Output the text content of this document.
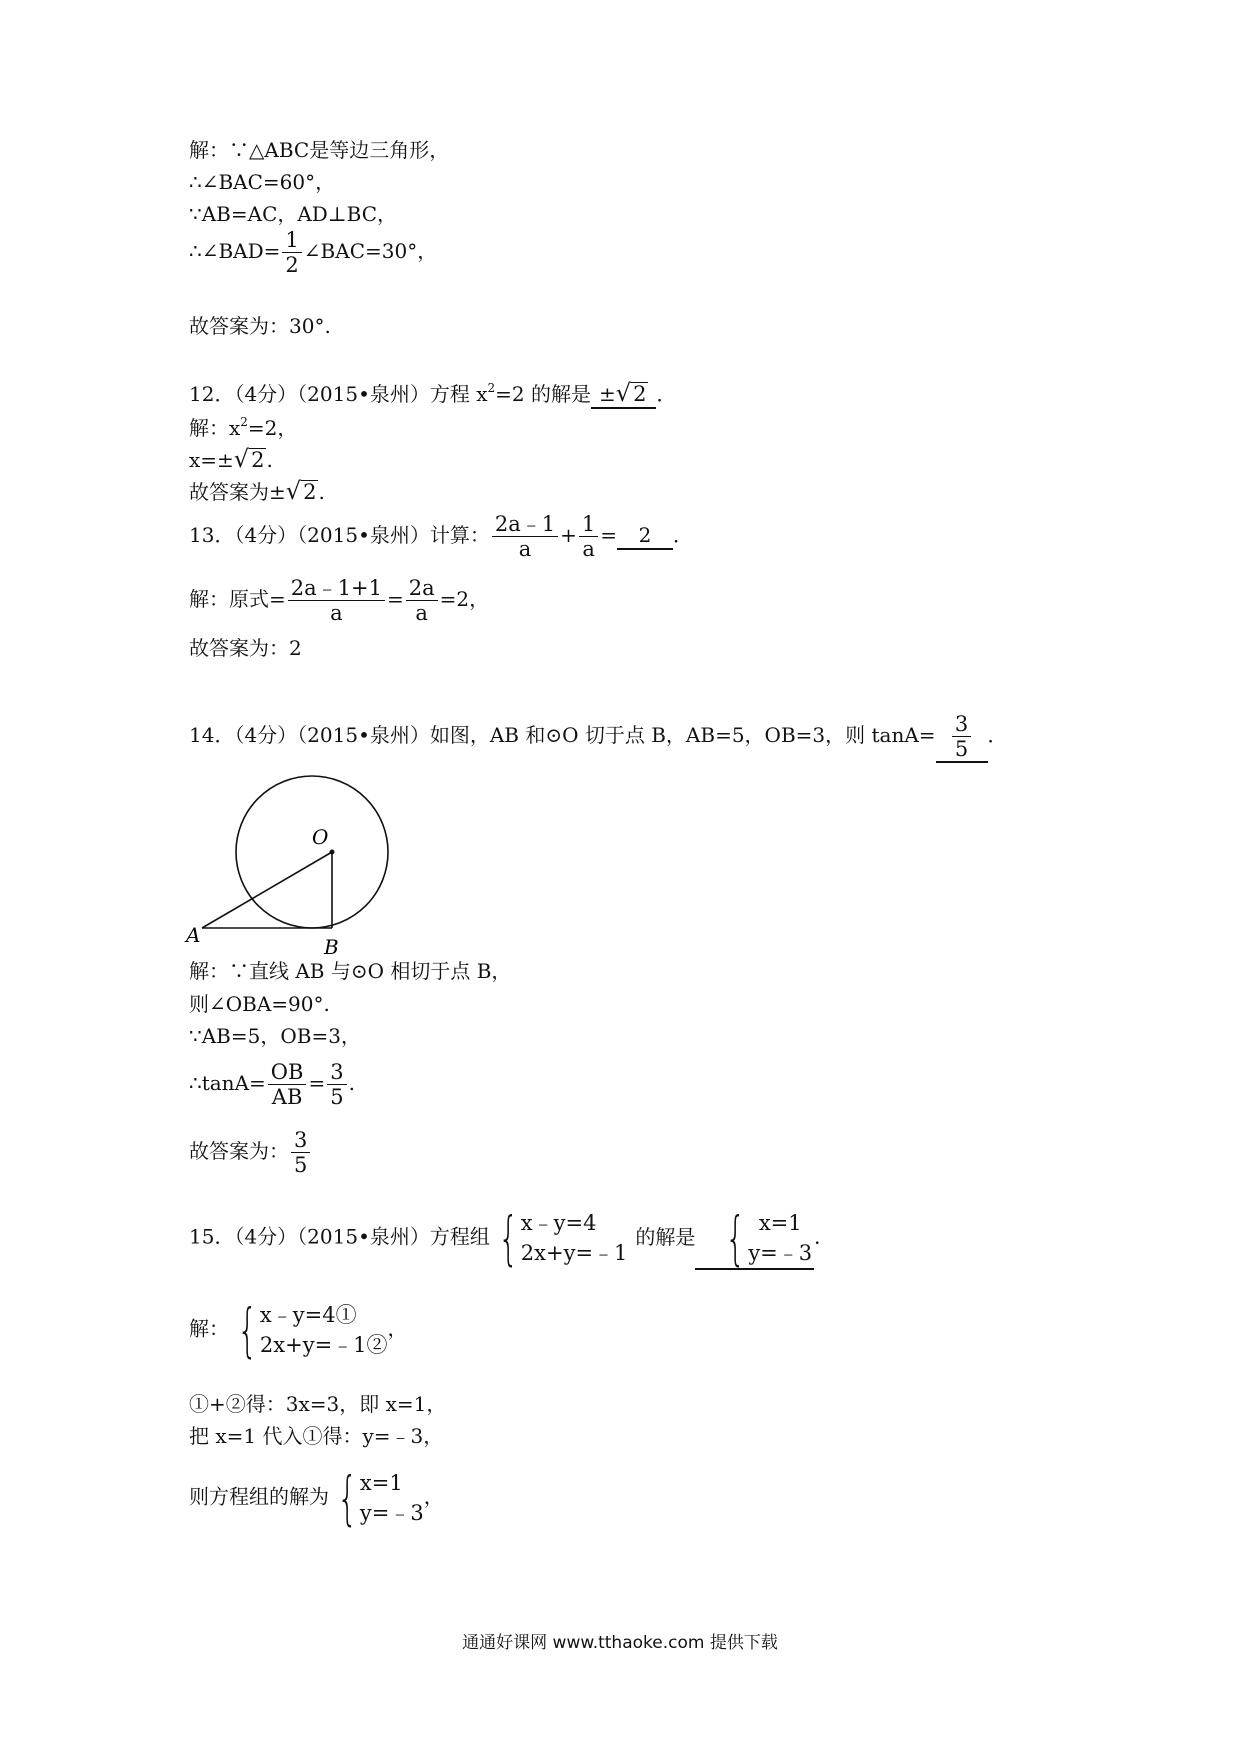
解：∵△ABC是等边三角形，
∴∠BAC=60°，
∵AB=AC，AD⊥BC，
∴∠BAD= $\frac{1}{2}$ ∠BAC=30°，
故答案为：30°.
12．（4分）（2015•泉州）方程 $x^2=2$ 的解是 ± √ 2 ．
解：$x^2=2$，
x=± √ 2 .
故答案为± √ 2 .
13．（4分）（2015•泉州）计算： $\frac{2a﹣1}{a} + \frac{1}{a} = 2$ ．
解：原式= $\frac{2a﹣1+1}{a} = \frac{2a}{a} =2$，
故答案为：2
14．（4分）（2015•泉州）如图，AB 和⊙O 切于点 B，AB=5，OB=3，则 $\tan A= \frac{3}{5}$ ．
O
A	B
解：∵直线 AB 与⊙O 相切于点 B，
则∠OBA=90°.
∵AB=5，OB=3，
∴tanA= $\frac{OB}{AB} = \frac{3}{5}$ .
故答案为： $\frac{3}{5}$
15．（4分）（2015•泉州）方程组 { x﹣y=4
2x+y=﹣1
的解是 { x=1
y=﹣3
．
解： { x﹣y=4①
2x+y=﹣1②
，
①+②得：3x=3，即 x=1，
把 x=1 代入①得：y=﹣3，
则方程组的解为 { x=1
y=﹣3
，
通通好课网 www.tthaoke.com 提供下载
